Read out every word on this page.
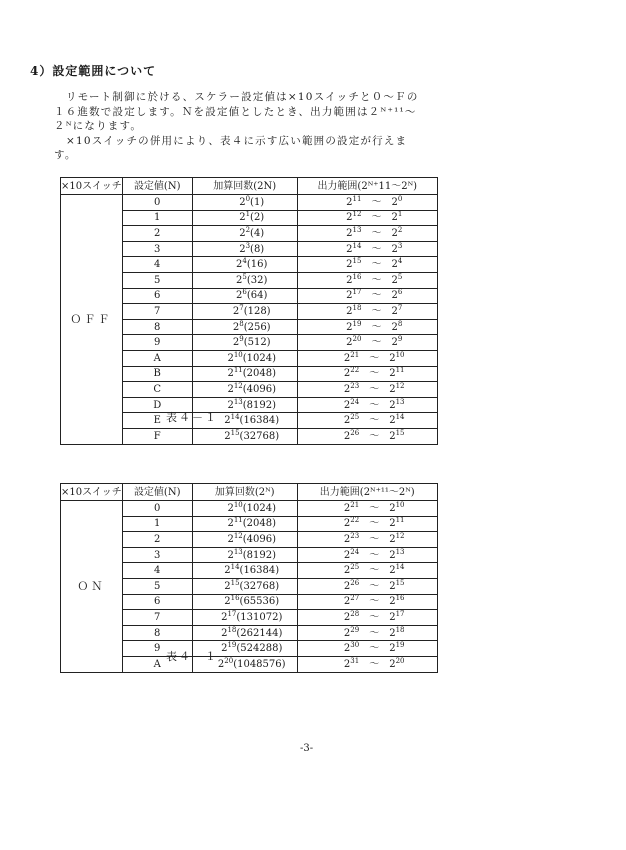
4）設定範囲について

リモート制御に於ける、スケラー設定値は×10スイッチと０～Ｆの

１６進数で設定します。Ｎを設定値としたとき、出力範囲は２ᴺ⁺¹¹～

２ᴺになります。

×10スイッチの併用により、表４に示す広い範囲の設定が行えま

す。

×10スイッチ	設定値(N)	加算回数(2N)	出力範囲(2ᴺ⁺11～2ᴺ)
ＯＦＦ	0	$2^0(1)$	$2^{11}$ ～ $2^0$
	1	$2^1(2)$	$2^{12}$ ～ $2^1$
	2	$2^2(4)$	$2^{13}$ ～ $2^2$
	3	$2^3(8)$	$2^{14}$ ～ $2^3$
	4	$2^4(16)$	$2^{15}$ ～ $2^4$
	5	$2^5(32)$	$2^{16}$ ～ $2^5$
	6	$2^6(64)$	$2^{17}$ ～ $2^6$
	7	$2^7(128)$	$2^{18}$ ～ $2^7$
	8	$2^8(256)$	$2^{19}$ ～ $2^8$
	9	$2^9(512)$	$2^{20}$ ～ $2^9$
	A	$2^{10}(1024)$	$2^{21}$ ～ $2^{10}$
	B	$2^{11}(2048)$	$2^{22}$ ～ $2^{11}$
	C	$2^{12}(4096)$	$2^{23}$ ～ $2^{12}$
	D	$2^{13}(8192)$	$2^{24}$ ～ $2^{13}$
	E	$2^{14}(16384)$	$2^{25}$ ～ $2^{14}$
	F	$2^{15}(32768)$	$2^{26}$ ～ $2^{15}$
表４－１
×10スイッチ	設定値(N)	加算回数(2ᴺ)	出力範囲(2ᴺ⁺¹¹～2ᴺ)
ＯＮ	0	$2^{10}(1024)$	$2^{21}$ ～ $2^{10}$
	1	$2^{11}(2048)$	$2^{22}$ ～ $2^{11}$
	2	$2^{12}(4096)$	$2^{23}$ ～ $2^{12}$
	3	$2^{13}(8192)$	$2^{24}$ ～ $2^{13}$
	4	$2^{14}(16384)$	$2^{25}$ ～ $2^{14}$
	5	$2^{15}(32768)$	$2^{26}$ ～ $2^{15}$
	6	$2^{16}(65536)$	$2^{27}$ ～ $2^{16}$
	7	$2^{17}(131072)$	$2^{28}$ ～ $2^{17}$
	8	$2^{18}(262144)$	$2^{29}$ ～ $2^{18}$
	9	$2^{19}(524288)$	$2^{30}$ ～ $2^{19}$
	A	$2^{20}(1048576)$	$2^{31}$ ～ $2^{20}$
表４－１
-3-
